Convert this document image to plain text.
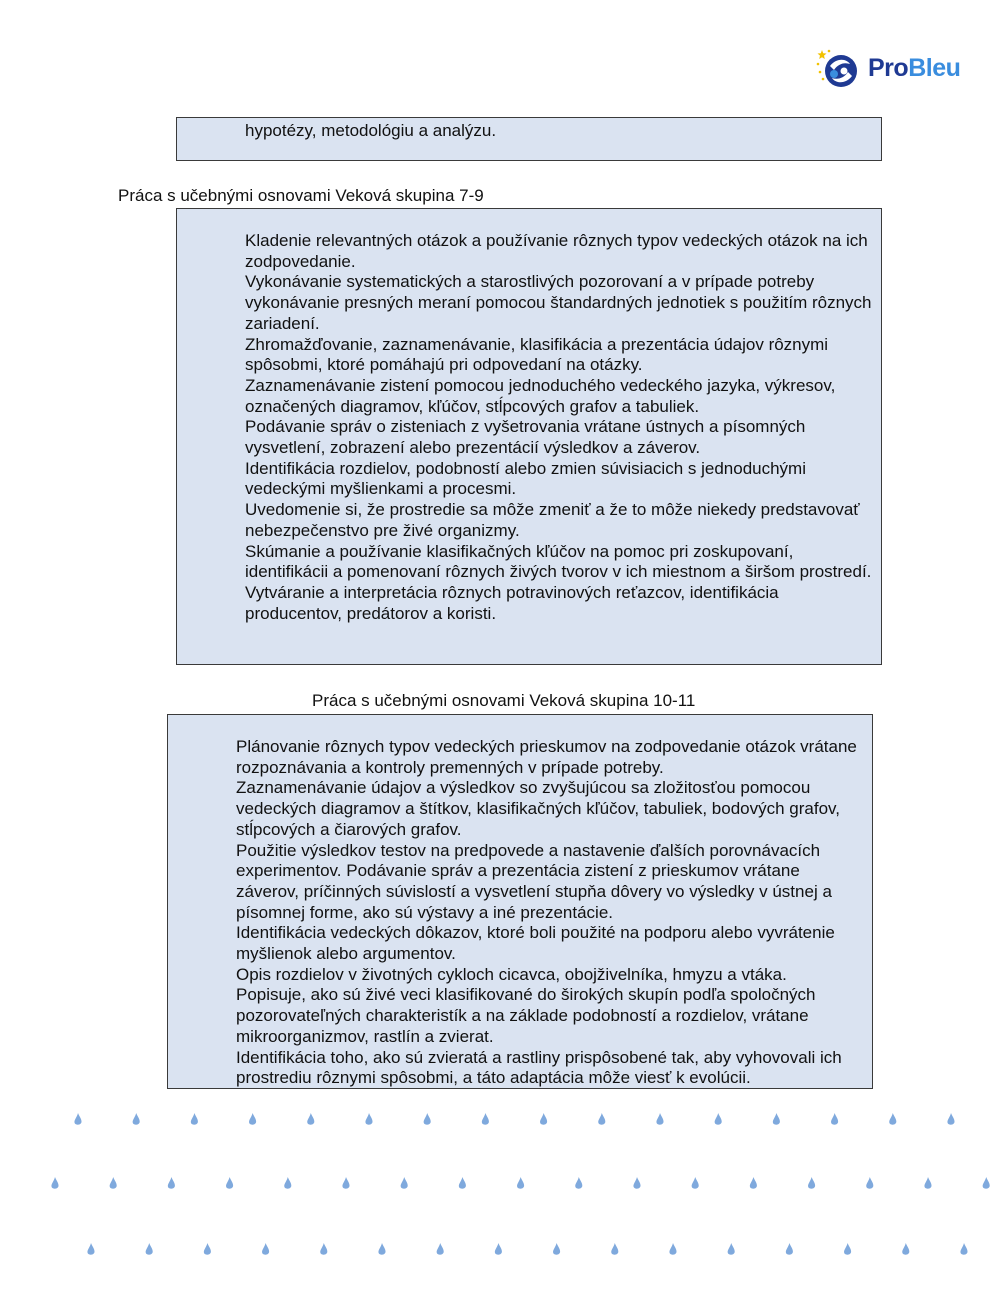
ProBleu

hypotézy, metodológiu a analýzu.

Práca s učebnými osnovami Veková skupina 7-9

Kladenie relevantných otázok a používanie rôznych typov vedeckých otázok na ich zodpovedanie.

Vykonávanie systematických a starostlivých pozorovaní a v prípade potreby vykonávanie presných meraní pomocou štandardných jednotiek s použitím rôznych zariadení.

Zhromažďovanie, zaznamenávanie, klasifikácia a prezentácia údajov rôznymi spôsobmi, ktoré pomáhajú pri odpovedaní na otázky.

Zaznamenávanie zistení pomocou jednoduchého vedeckého jazyka, výkresov, označených diagramov, kľúčov, stĺpcových grafov a tabuliek.

Podávanie správ o zisteniach z vyšetrovania vrátane ústnych a písomných vysvetlení, zobrazení alebo prezentácií výsledkov a záverov.

Identifikácia rozdielov, podobností alebo zmien súvisiacich s jednoduchými vedeckými myšlienkami a procesmi.

Uvedomenie si, že prostredie sa môže zmeniť a že to môže niekedy predstavovať nebezpečenstvo pre živé organizmy.

Skúmanie a používanie klasifikačných kľúčov na pomoc pri zoskupovaní, identifikácii a pomenovaní rôznych živých tvorov v ich miestnom a širšom prostredí.

Vytváranie a interpretácia rôznych potravinových reťazcov, identifikácia producentov, predátorov a koristi.

Práca s učebnými osnovami Veková skupina 10-11

Plánovanie rôznych typov vedeckých prieskumov na zodpovedanie otázok vrátane rozpoznávania a kontroly premenných v prípade potreby.

Zaznamenávanie údajov a výsledkov so zvyšujúcou sa zložitosťou pomocou vedeckých diagramov a štítkov, klasifikačných kľúčov, tabuliek, bodových grafov, stĺpcových a čiarových grafov.

Použitie výsledkov testov na predpovede a nastavenie ďalších porovnávacích experimentov. Podávanie správ a prezentácia zistení z prieskumov vrátane záverov, príčinných súvislostí a vysvetlení stupňa dôvery vo výsledky v ústnej a písomnej forme, ako sú výstavy a iné prezentácie.

Identifikácia vedeckých dôkazov, ktoré boli použité na podporu alebo vyvrátenie myšlienok alebo argumentov.

Opis rozdielov v životných cykloch cicavca, obojživelníka, hmyzu a vtáka.

Popisuje, ako sú živé veci klasifikované do širokých skupín podľa spoločných pozorovateľných charakteristík a na základe podobností a rozdielov, vrátane mikroorganizmov, rastlín a zvierat.

Identifikácia toho, ako sú zvieratá a rastliny prispôsobené tak, aby vyhovovali ich prostrediu rôznymi spôsobmi, a táto adaptácia môže viesť k evolúcii.
